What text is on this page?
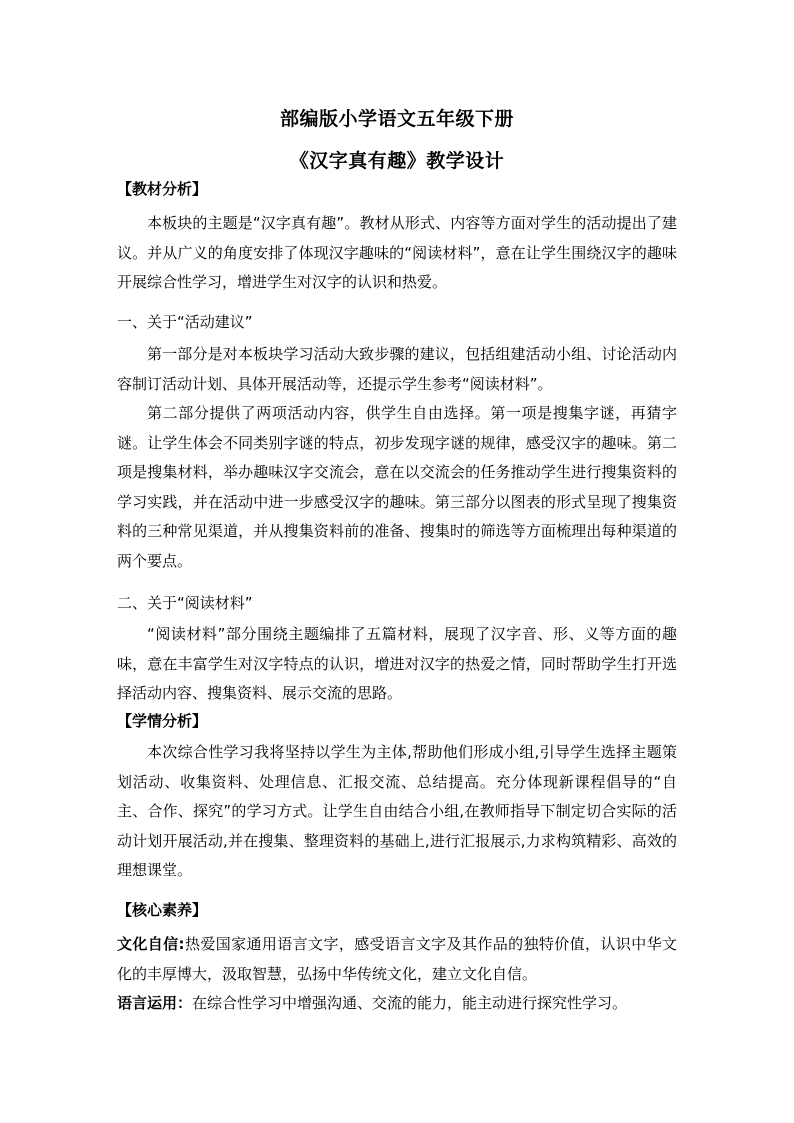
部编版小学语文五年级下册
《汉字真有趣》教学设计
【教材分析】

本板块的主题是“汉字真有趣”。教材从形式、内容等方面对学生的活动提出了建议。并从广义的角度安排了体现汉字趣味的“阅读材料”，意在让学生围绕汉字的趣味开展综合性学习，增进学生对汉字的认识和热爱。

一、关于“活动建议”

第一部分是对本板块学习活动大致步骤的建议，包括组建活动小组、讨论活动内容制订活动计划、具体开展活动等，还提示学生参考“阅读材料”。

第二部分提供了两项活动内容，供学生自由选择。第一项是搜集字谜，再猜字谜。让学生体会不同类别字谜的特点，初步发现字谜的规律，感受汉字的趣味。第二项是搜集材料，举办趣味汉字交流会，意在以交流会的任务推动学生进行搜集资料的学习实践，并在活动中进一步感受汉字的趣味。第三部分以图表的形式呈现了搜集资料的三种常见渠道，并从搜集资料前的准备、搜集时的筛选等方面梳理出每种渠道的两个要点。

二、关于“阅读材料”

“阅读材料”部分围绕主题编排了五篇材料，展现了汉字音、形、义等方面的趣味，意在丰富学生对汉字特点的认识，增进对汉字的热爱之情，同时帮助学生打开选择活动内容、搜集资料、展示交流的思路。

【学情分析】

本次综合性学习我将坚持以学生为主体,帮助他们形成小组,引导学生选择主题策划活动、收集资料、处理信息、汇报交流、总结提高。充分体现新课程倡导的“自主、合作、探究”的学习方式。让学生自由结合小组,在教师指导下制定切合实际的活动计划开展活动,并在搜集、整理资料的基础上,进行汇报展示,力求构筑精彩、高效的理想课堂。

【核心素养】

文化自信:热爱国家通用语言文字，感受语言文字及其作品的独特价值，认识中华文化的丰厚博大，汲取智慧，弘扬中华传统文化，建立文化自信。

语言运用：在综合性学习中增强沟通、交流的能力，能主动进行探究性学习。
